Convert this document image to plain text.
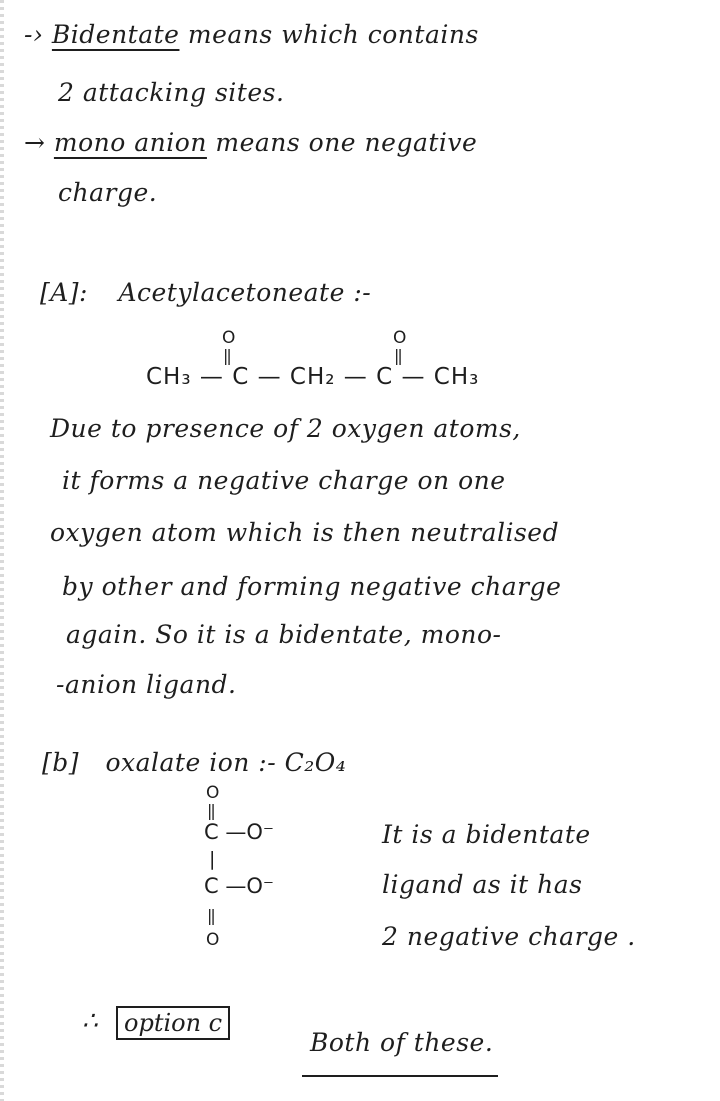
-› Bidentate means which contains
2 attacking sites.
→ mono anion means one negative
charge.
[A]: Acetylacetoneate :-
O
||
O
||
CH₃ — C — CH₂ — C — CH₃
Due to presence of 2 oxygen atoms,
it forms a negative charge on one
oxygen atom which is then neutralised
by other and forming negative charge
again. So it is a bidentate, mono-
-anion ligand.
[b] oxalate ion :- C₂O₄
O
||
C —O⁻
|
C —O⁻
||
O
It is a bidentate
ligand as it has
2 negative charge .
∴	option c
Both of these.
